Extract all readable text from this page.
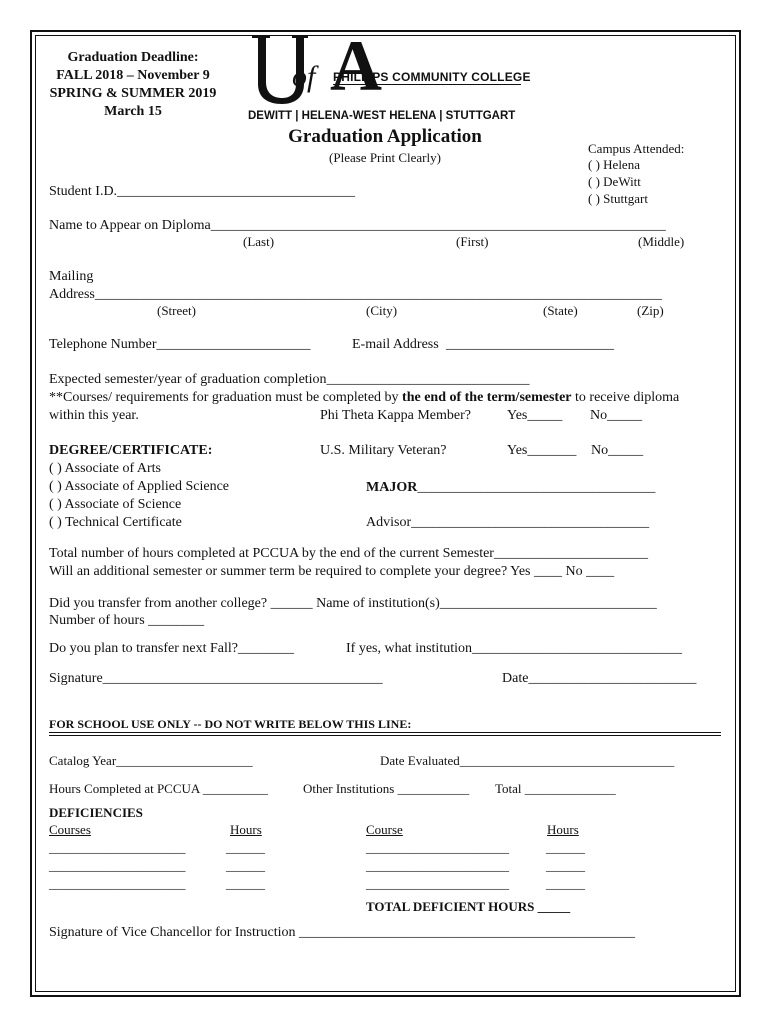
Graduation Deadline:
FALL 2018 – November 9
SPRING & SUMMER 2019
March 15
of A
PHILLIPS COMMUNITY COLLEGE
DEWITT | HELENA-WEST HELENA | STUTTGART
Graduation Application
(Please Print Clearly)
Campus Attended:
( ) Helena
( ) DeWitt
( ) Stuttgart
Student I.D.__________________________________
Name to Appear on Diploma_________________________________________________________________
(Last)	(First)	(Middle)
Mailing
Address_________________________________________________________________________________
(Street)	(City)	(State)	(Zip)
Telephone Number______________________	E-mail Address ________________________
Expected semester/year of graduation completion_____________________________
**Courses/ requirements for graduation must be completed by the end of the term/semester to receive diploma
within this year.	Phi Theta Kappa Member?	Yes_____ No_____
DEGREE/CERTIFICATE:	U.S. Military Veteran?	Yes_______ No_____
( ) Associate of Arts
( ) Associate of Applied Science
( ) Associate of Science
( ) Technical Certificate
MAJOR__________________________________
Advisor__________________________________
Total number of hours completed at PCCUA by the end of the current Semester______________________
Will an additional semester or summer term be required to complete your degree? Yes ____ No ____
Did you transfer from another college? ______ Name of institution(s)_______________________________
Number of hours ________
Do you plan to transfer next Fall?________	If yes, what institution______________________________
Signature________________________________________	Date________________________
FOR SCHOOL USE ONLY -- DO NOT WRITE BELOW THIS LINE:
Catalog Year_____________________	Date Evaluated_________________________________
Hours Completed at PCCUA __________	Other Institutions ___________ Total ______________
DEFICIENCIES
Courses	Hours	Course	Hours
_____________________	______	______________________	______
_____________________	______	______________________	______
_____________________	______	______________________	______
TOTAL DEFICIENT HOURS _____
Signature of Vice Chancellor for Instruction ________________________________________________
